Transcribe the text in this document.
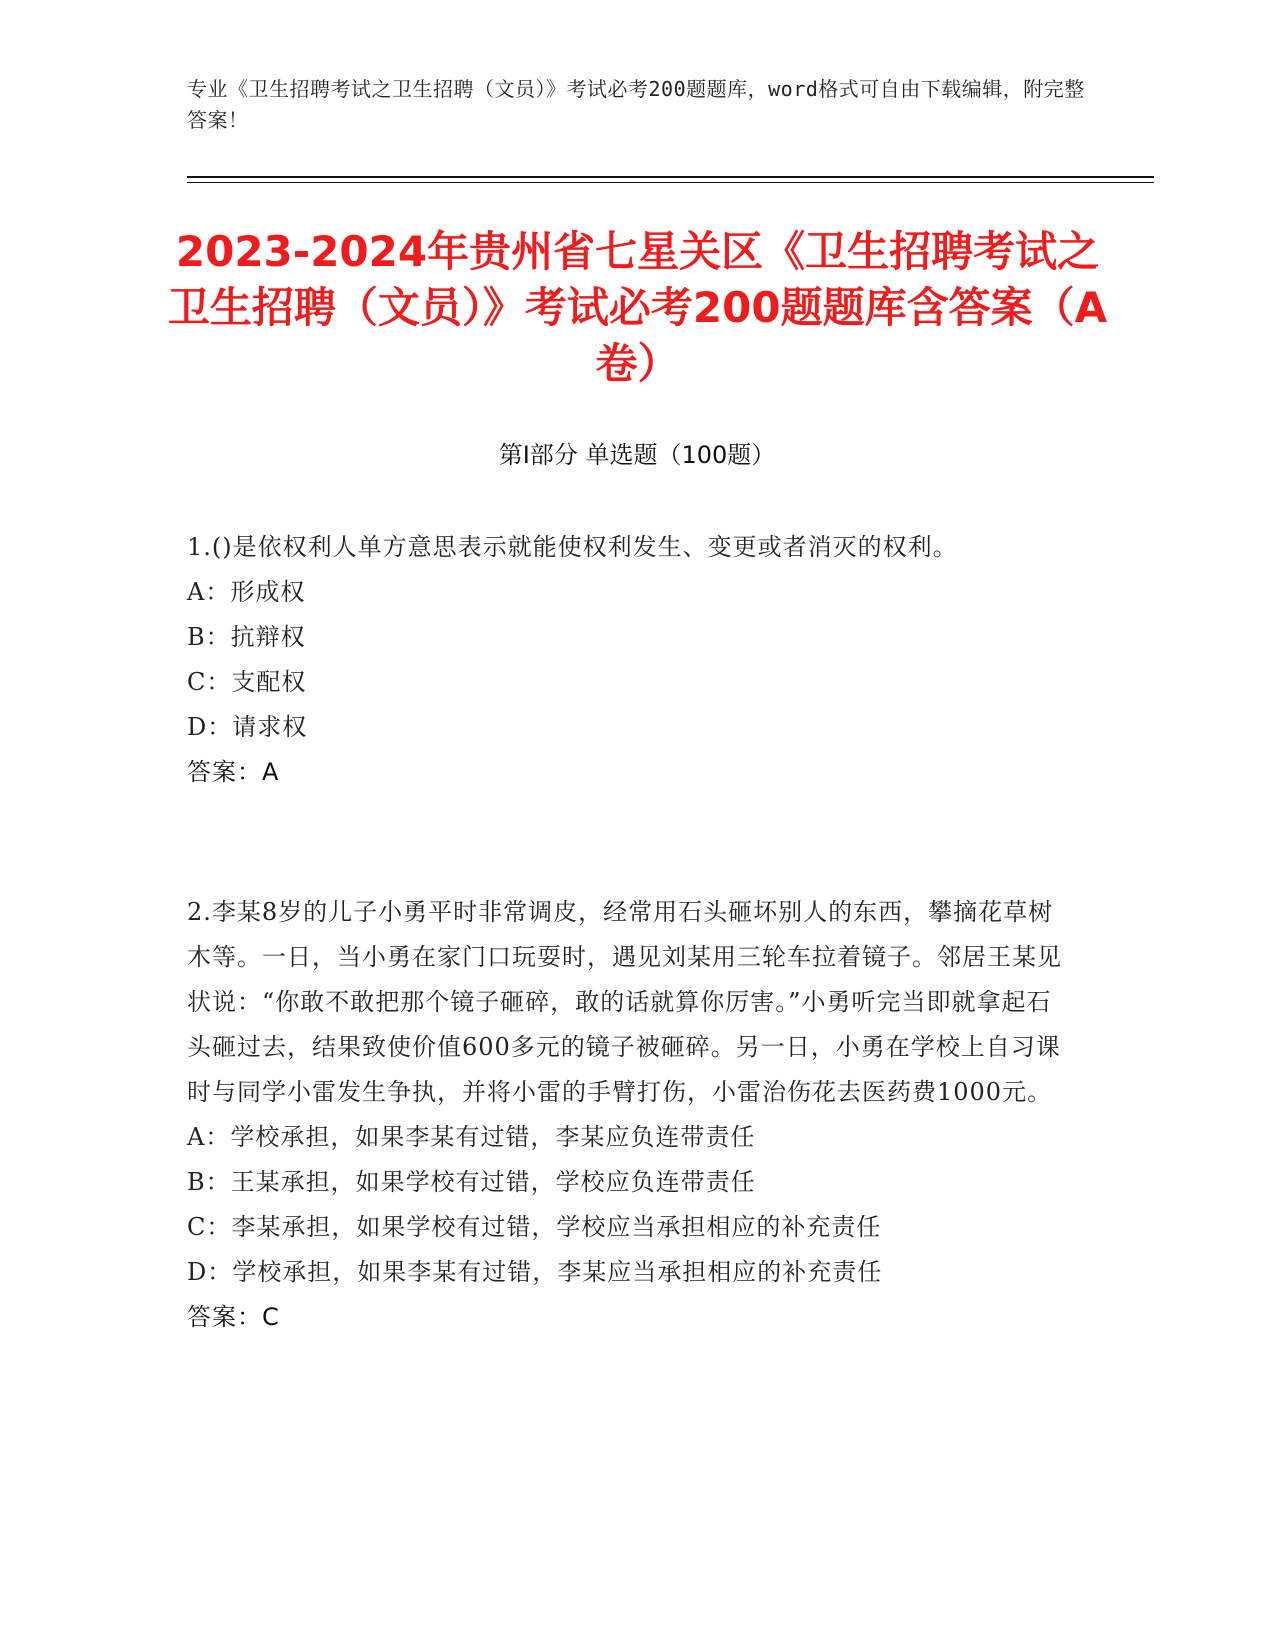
专业《卫生招聘考试之卫生招聘（文员）》考试必考200题题库，word格式可自由下载编辑，附完整答案！
2023-2024年贵州省七星关区《卫生招聘考试之卫生招聘（文员）》考试必考200题题库含答案（A卷）
第I部分 单选题（100题）
1.()是依权利人单方意思表示就能使权利发生、变更或者消灭的权利。
A：形成权
B：抗辩权
C：支配权
D：请求权
答案：A
2.李某8岁的儿子小勇平时非常调皮，经常用石头砸坏别人的东西，攀摘花草树木等。一日，当小勇在家门口玩耍时，遇见刘某用三轮车拉着镜子。邻居王某见状说：“你敢不敢把那个镜子砸碎，敢的话就算你厉害。”小勇听完当即就拿起石头砸过去，结果致使价值600多元的镜子被砸碎。另一日，小勇在学校上自习课时与同学小雷发生争执，并将小雷的手臂打伤，小雷治伤花去医药费1000元。
A：学校承担，如果李某有过错，李某应负连带责任
B：王某承担，如果学校有过错，学校应负连带责任
C：李某承担，如果学校有过错，学校应当承担相应的补充责任
D：学校承担，如果李某有过错，李某应当承担相应的补充责任
答案：C
